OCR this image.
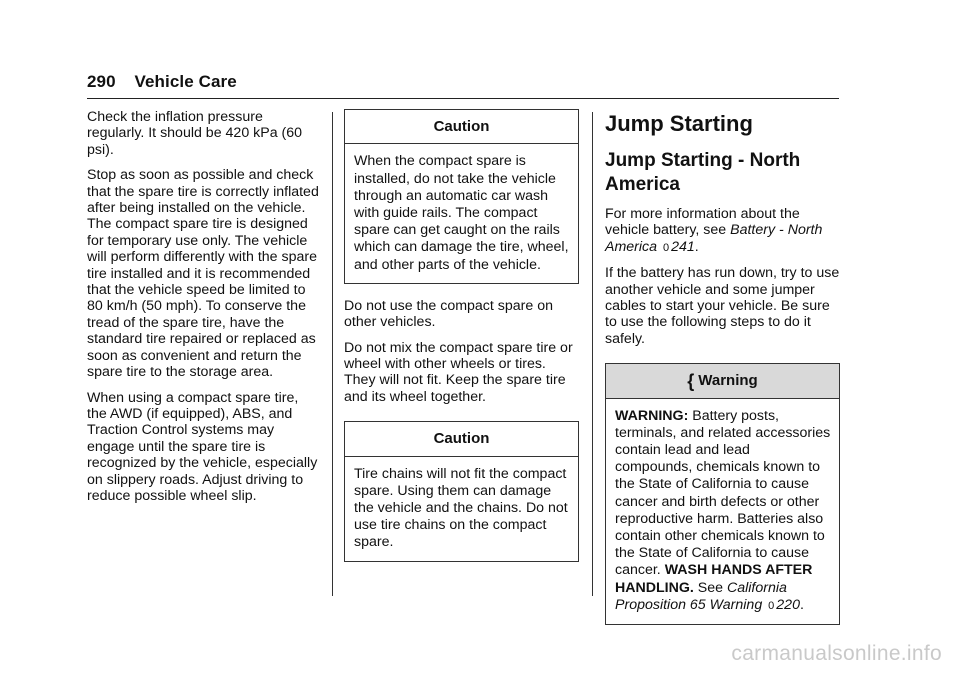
290 Vehicle Care

Check the inflation pressure regularly. It should be 420 kPa (60 psi).

Stop as soon as possible and check that the spare tire is correctly inflated after being installed on the vehicle. The compact spare tire is designed for temporary use only. The vehicle will perform differently with the spare tire installed and it is recommended that the vehicle speed be limited to 80 km/h (50 mph). To conserve the tread of the spare tire, have the standard tire repaired or replaced as soon as convenient and return the spare tire to the storage area.

When using a compact spare tire, the AWD (if equipped), ABS, and Traction Control systems may engage until the spare tire is recognized by the vehicle, especially on slippery roads. Adjust driving to reduce possible wheel slip.

Caution
When the compact spare is installed, do not take the vehicle through an automatic car wash with guide rails. The compact spare can get caught on the rails which can damage the tire, wheel, and other parts of the vehicle.

Do not use the compact spare on other vehicles.

Do not mix the compact spare tire or wheel with other wheels or tires. They will not fit. Keep the spare tire and its wheel together.

Caution
Tire chains will not fit the compact spare. Using them can damage the vehicle and the chains. Do not use tire chains on the compact spare.
Jump Starting
Jump Starting - North America

For more information about the vehicle battery, see Battery - North America 0 241.

If the battery has run down, try to use another vehicle and some jumper cables to start your vehicle. Be sure to use the following steps to do it safely.

{ Warning
WARNING: Battery posts, terminals, and related accessories contain lead and lead compounds, chemicals known to the State of California to cause cancer and birth defects or other reproductive harm. Batteries also contain other chemicals known to the State of California to cause cancer. WASH HANDS AFTER HANDLING. See California Proposition 65 Warning 0 220.
carmanualsonline.info
